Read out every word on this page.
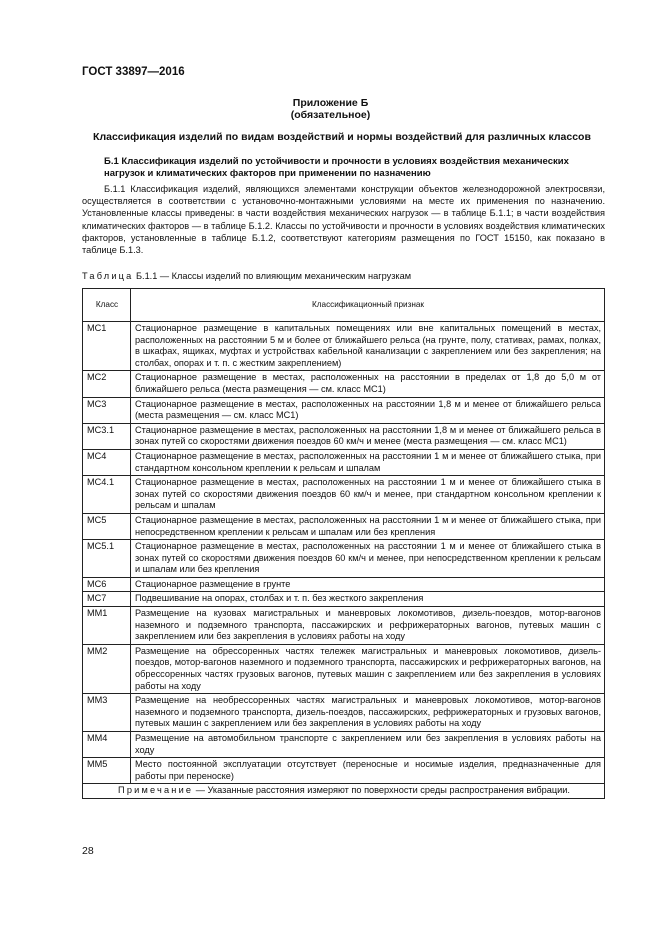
ГОСТ 33897—2016
Приложение Б
(обязательное)
Классификация изделий по видам воздействий и нормы воздействий для различных классов
Б.1 Классификация изделий по устойчивости и прочности в условиях воздействия механических нагрузок и климатических факторов при применении по назначению
Б.1.1 Классификация изделий, являющихся элементами конструкции объектов железнодорожной электросвязи, осуществляется в соответствии с установочно-монтажными условиями на месте их применения по назначению. Установленные классы приведены: в части воздействия механических нагрузок — в таблице Б.1.1; в части воздействия климатических факторов — в таблице Б.1.2. Классы по устойчивости и прочности в условиях воздействия климатических факторов, установленные в таблице Б.1.2, соответствуют категориям размещения по ГОСТ 15150, как показано в таблице Б.1.3.
Таблица Б.1.1 — Классы изделий по влияющим механическим нагрузкам
Класс	Классификационный признак
МС1	Стационарное размещение в капитальных помещениях или вне капитальных помещений в местах, расположенных на расстоянии 5 м и более от ближайшего рельса (на грунте, полу, стативах, рамах, полках, в шкафах, ящиках, муфтах и устройствах кабельной канализации с закреплением или без закрепления; на столбах, опорах и т. п. с жестким закреплением)
МС2	Стационарное размещение в местах, расположенных на расстоянии в пределах от 1,8 до 5,0 м от ближайшего рельса (места размещения — см. класс МС1)
МС3	Стационарное размещение в местах, расположенных на расстоянии 1,8 м и менее от ближайшего рельса (места размещения — см. класс МС1)
МС3.1	Стационарное размещение в местах, расположенных на расстоянии 1,8 м и менее от ближайшего рельса в зонах путей со скоростями движения поездов 60 км/ч и менее (места размещения — см. класс МС1)
МС4	Стационарное размещение в местах, расположенных на расстоянии 1 м и менее от ближайшего стыка, при стандартном консольном креплении к рельсам и шпалам
МС4.1	Стационарное размещение в местах, расположенных на расстоянии 1 м и менее от ближайшего стыка в зонах путей со скоростями движения поездов 60 км/ч и менее, при стандартном консольном креплении к рельсам и шпалам
МС5	Стационарное размещение в местах, расположенных на расстоянии 1 м и менее от ближайшего стыка, при непосредственном креплении к рельсам и шпалам или без крепления
МС5.1	Стационарное размещение в местах, расположенных на расстоянии 1 м и менее от ближайшего стыка в зонах путей со скоростями движения поездов 60 км/ч и менее, при непосредственном креплении к рельсам и шпалам или без крепления
МС6	Стационарное размещение в грунте
МС7	Подвешивание на опорах, столбах и т. п. без жесткого закрепления
ММ1	Размещение на кузовах магистральных и маневровых локомотивов, дизель-поездов, мотор-вагонов наземного и подземного транспорта, пассажирских и рефрижераторных вагонов, путевых машин с закреплением или без закрепления в условиях работы на ходу
ММ2	Размещение на обрессоренных частях тележек магистральных и маневровых локомотивов, дизель-поездов, мотор-вагонов наземного и подземного транспорта, пассажирских и рефрижераторных вагонов, на обрессоренных частях грузовых вагонов, путевых машин с закреплением или без закрепления в условиях работы на ходу
ММ3	Размещение на необрессоренных частях магистральных и маневровых локомотивов, мотор-вагонов наземного и подземного транспорта, дизель-поездов, пассажирских, рефрижераторных и грузовых вагонов, путевых машин с закреплением или без закрепления в условиях работы на ходу
ММ4	Размещение на автомобильном транспорте с закреплением или без закрепления в условиях работы на ходу
ММ5	Место постоянной эксплуатации отсутствует (переносные и носимые изделия, предназначенные для работы при переноске)
Примечание — Указанные расстояния измеряют по поверхности среды распространения вибрации.	
28
